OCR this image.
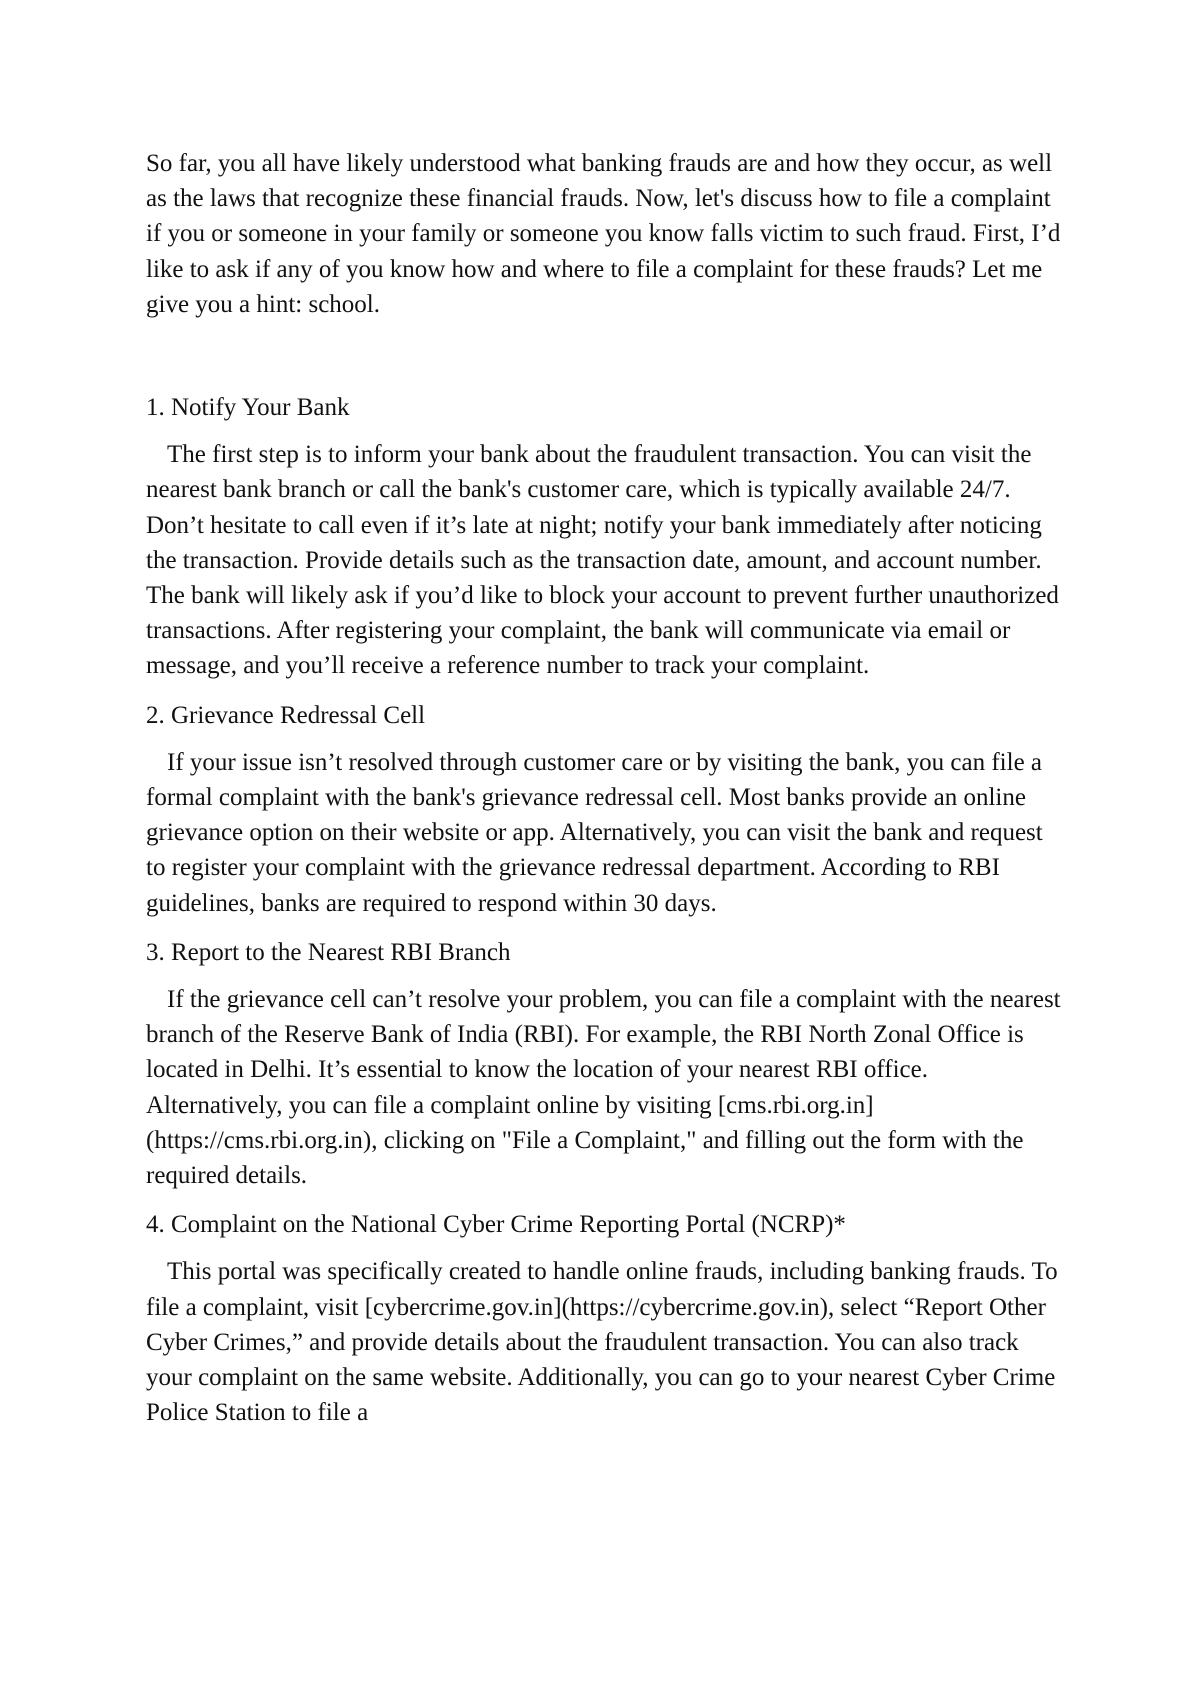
So far, you all have likely understood what banking frauds are and how they occur, as well as the laws that recognize these financial frauds. Now, let's discuss how to file a complaint if you or someone in your family or someone you know falls victim to such fraud. First, I’d like to ask if any of you know how and where to file a complaint for these frauds? Let me give you a hint: school.

1. Notify Your Bank

The first step is to inform your bank about the fraudulent transaction. You can visit the nearest bank branch or call the bank's customer care, which is typically available 24/7. Don’t hesitate to call even if it’s late at night; notify your bank immediately after noticing the transaction. Provide details such as the transaction date, amount, and account number. The bank will likely ask if you’d like to block your account to prevent further unauthorized transactions. After registering your complaint, the bank will communicate via email or message, and you’ll receive a reference number to track your complaint.

2. Grievance Redressal Cell

If your issue isn’t resolved through customer care or by visiting the bank, you can file a formal complaint with the bank's grievance redressal cell. Most banks provide an online grievance option on their website or app. Alternatively, you can visit the bank and request to register your complaint with the grievance redressal department. According to RBI guidelines, banks are required to respond within 30 days.

3. Report to the Nearest RBI Branch

If the grievance cell can’t resolve your problem, you can file a complaint with the nearest branch of the Reserve Bank of India (RBI). For example, the RBI North Zonal Office is located in Delhi. It’s essential to know the location of your nearest RBI office. Alternatively, you can file a complaint online by visiting [cms.rbi.org.in](https://cms.rbi.org.in), clicking on "File a Complaint," and filling out the form with the required details.

4. Complaint on the National Cyber Crime Reporting Portal (NCRP)*

This portal was specifically created to handle online frauds, including banking frauds. To file a complaint, visit [cybercrime.gov.in](https://cybercrime.gov.in), select “Report Other Cyber Crimes,” and provide details about the fraudulent transaction. You can also track your complaint on the same website. Additionally, you can go to your nearest Cyber Crime Police Station to file a
